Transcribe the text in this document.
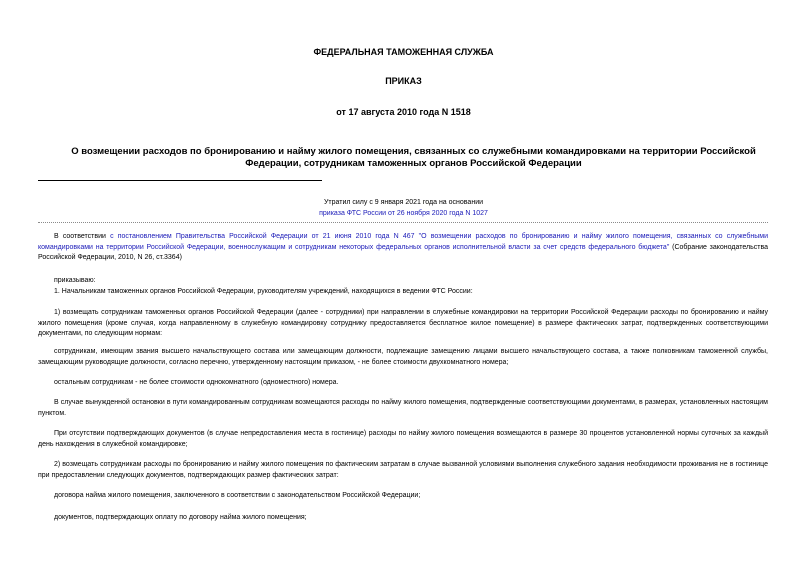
ФЕДЕРАЛЬНАЯ ТАМОЖЕННАЯ СЛУЖБА
ПРИКАЗ
от 17 августа 2010 года N 1518
О возмещении расходов по бронированию и найму жилого помещения, связанных со служебными командировками на территории Российской Федерации, сотрудникам таможенных органов Российской Федерации
Утратил силу с 9 января 2021 года на основании
приказа ФТС России от 26 ноября 2020 года N 1027
В соответствии с постановлением Правительства Российской Федерации от 21 июня 2010 года N 467 "О возмещении расходов по бронированию и найму жилого помещения, связанных со служебными командировками на территории Российской Федерации, военнослужащим и сотрудникам некоторых федеральных органов исполнительной власти за счет средств федерального бюджета" (Собрание законодательства Российской Федерации, 2010, N 26, ст.3364)
приказываю:
1. Начальникам таможенных органов Российской Федерации, руководителям учреждений, находящихся в ведении ФТС России:
1) возмещать сотрудникам таможенных органов Российской Федерации (далее - сотрудники) при направлении в служебные командировки на территории Российской Федерации расходы по бронированию и найму жилого помещения (кроме случая, когда направленному в служебную командировку сотруднику предоставляется бесплатное жилое помещение) в размере фактических затрат, подтвержденных соответствующими документами, по следующим нормам:
сотрудникам, имеющим звания высшего начальствующего состава или замещающим должности, подлежащие замещению лицами высшего начальствующего состава, а также полковникам таможенной службы, замещающим руководящие должности, согласно перечню, утвержденному настоящим приказом, - не более стоимости двухкомнатного номера;
остальным сотрудникам - не более стоимости однокомнатного (одноместного) номера.
В случае вынужденной остановки в пути командированным сотрудникам возмещаются расходы по найму жилого помещения, подтвержденные соответствующими документами, в размерах, установленных настоящим пунктом.
При отсутствии подтверждающих документов (в случае непредоставления места в гостинице) расходы по найму жилого помещения возмещаются в размере 30 процентов установленной нормы суточных за каждый день нахождения в служебной командировке;
2) возмещать сотрудникам расходы по бронированию и найму жилого помещения по фактическим затратам в случае вызванной условиями выполнения служебного задания необходимости проживания не в гостинице при предоставлении следующих документов, подтверждающих размер фактических затрат:
договора найма жилого помещения, заключенного в соответствии с законодательством Российской Федерации;
документов, подтверждающих оплату по договору найма жилого помещения;
